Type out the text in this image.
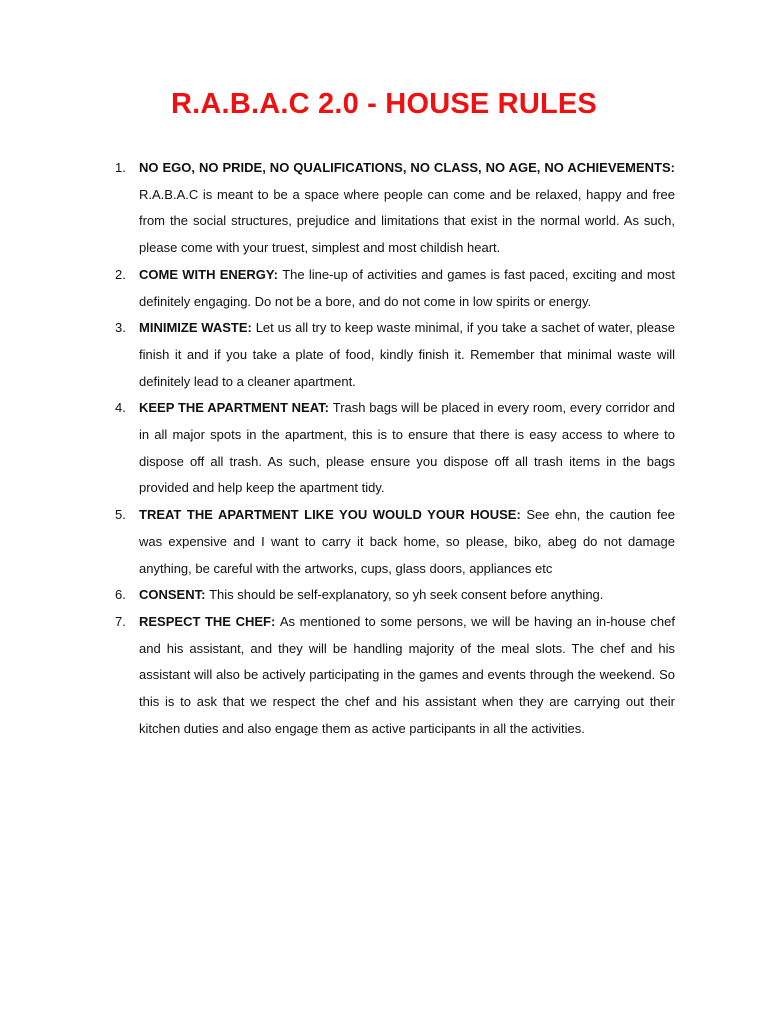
R.A.B.A.C 2.0 - HOUSE RULES
1.	NO EGO, NO PRIDE, NO QUALIFICATIONS, NO CLASS, NO AGE, NO ACHIEVEMENTS: R.A.B.A.C is meant to be a space where people can come and be relaxed, happy and free from the social structures, prejudice and limitations that exist in the normal world. As such, please come with your truest, simplest and most childish heart.
2.	COME WITH ENERGY: The line-up of activities and games is fast paced, exciting and most definitely engaging. Do not be a bore, and do not come in low spirits or energy.
3.	MINIMIZE WASTE: Let us all try to keep waste minimal, if you take a sachet of water, please finish it and if you take a plate of food, kindly finish it. Remember that minimal waste will definitely lead to a cleaner apartment.
4.	KEEP THE APARTMENT NEAT: Trash bags will be placed in every room, every corridor and in all major spots in the apartment, this is to ensure that there is easy access to where to dispose off all trash. As such, please ensure you dispose off all trash items in the bags provided and help keep the apartment tidy.
5.	TREAT THE APARTMENT LIKE YOU WOULD YOUR HOUSE: See ehn, the caution fee was expensive and I want to carry it back home, so please, biko, abeg do not damage anything, be careful with the artworks, cups, glass doors, appliances etc
6.	CONSENT: This should be self-explanatory, so yh seek consent before anything.
7.	RESPECT THE CHEF: As mentioned to some persons, we will be having an in-house chef and his assistant, and they will be handling majority of the meal slots. The chef and his assistant will also be actively participating in the games and events through the weekend. So this is to ask that we respect the chef and his assistant when they are carrying out their kitchen duties and also engage them as active participants in all the activities.
